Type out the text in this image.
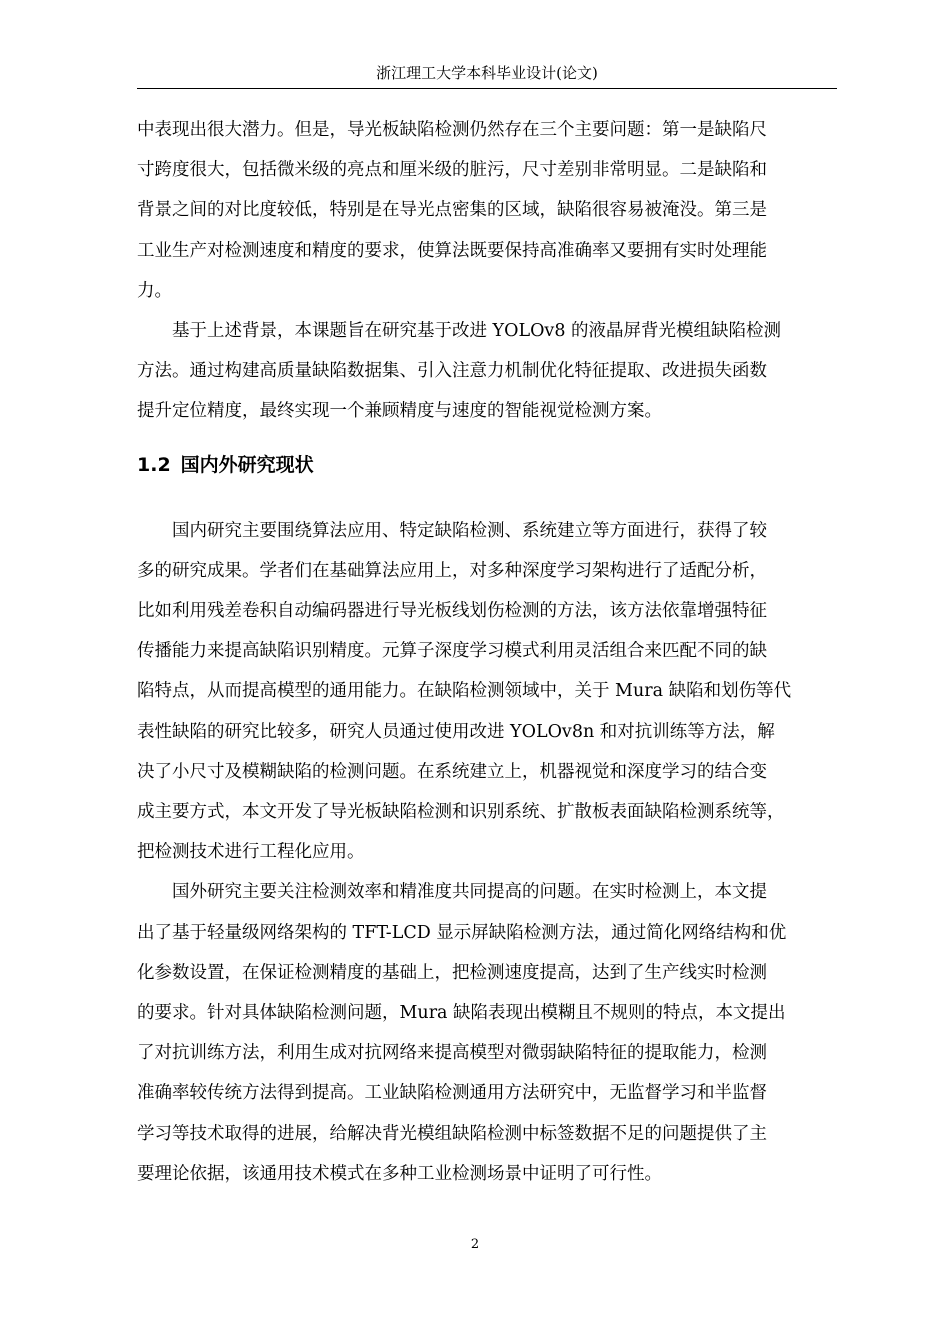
浙江理工大学本科毕业设计(论文)

中表现出很大潜力。但是，导光板缺陷检测仍然存在三个主要问题：第一是缺陷尺
寸跨度很大，包括微米级的亮点和厘米级的脏污，尺寸差别非常明显。二是缺陷和
背景之间的对比度较低，特别是在导光点密集的区域，缺陷很容易被淹没。第三是
工业生产对检测速度和精度的要求，使算法既要保持高准确率又要拥有实时处理能
力。

　　基于上述背景，本课题旨在研究基于改进 YOLOv8 的液晶屏背光模组缺陷检测
方法。通过构建高质量缺陷数据集、引入注意力机制优化特征提取、改进损失函数
提升定位精度，最终实现一个兼顾精度与速度的智能视觉检测方案。

1.2 国内外研究现状

　　国内研究主要围绕算法应用、特定缺陷检测、系统建立等方面进行，获得了较
多的研究成果。学者们在基础算法应用上，对多种深度学习架构进行了适配分析，
比如利用残差卷积自动编码器进行导光板线划伤检测的方法，该方法依靠增强特征
传播能力来提高缺陷识别精度。元算子深度学习模式利用灵活组合来匹配不同的缺
陷特点，从而提高模型的通用能力。在缺陷检测领域中，关于 Mura 缺陷和划伤等代
表性缺陷的研究比较多，研究人员通过使用改进 YOLOv8n 和对抗训练等方法，解
决了小尺寸及模糊缺陷的检测问题。在系统建立上，机器视觉和深度学习的结合变
成主要方式，本文开发了导光板缺陷检测和识别系统、扩散板表面缺陷检测系统等，
把检测技术进行工程化应用。

　　国外研究主要关注检测效率和精准度共同提高的问题。在实时检测上，本文提
出了基于轻量级网络架构的 TFT-LCD 显示屏缺陷检测方法，通过简化网络结构和优
化参数设置，在保证检测精度的基础上，把检测速度提高，达到了生产线实时检测
的要求。针对具体缺陷检测问题，Mura 缺陷表现出模糊且不规则的特点，本文提出
了对抗训练方法，利用生成对抗网络来提高模型对微弱缺陷特征的提取能力，检测
准确率较传统方法得到提高。工业缺陷检测通用方法研究中，无监督学习和半监督
学习等技术取得的进展，给解决背光模组缺陷检测中标签数据不足的问题提供了主
要理论依据，该通用技术模式在多种工业检测场景中证明了可行性。

2
